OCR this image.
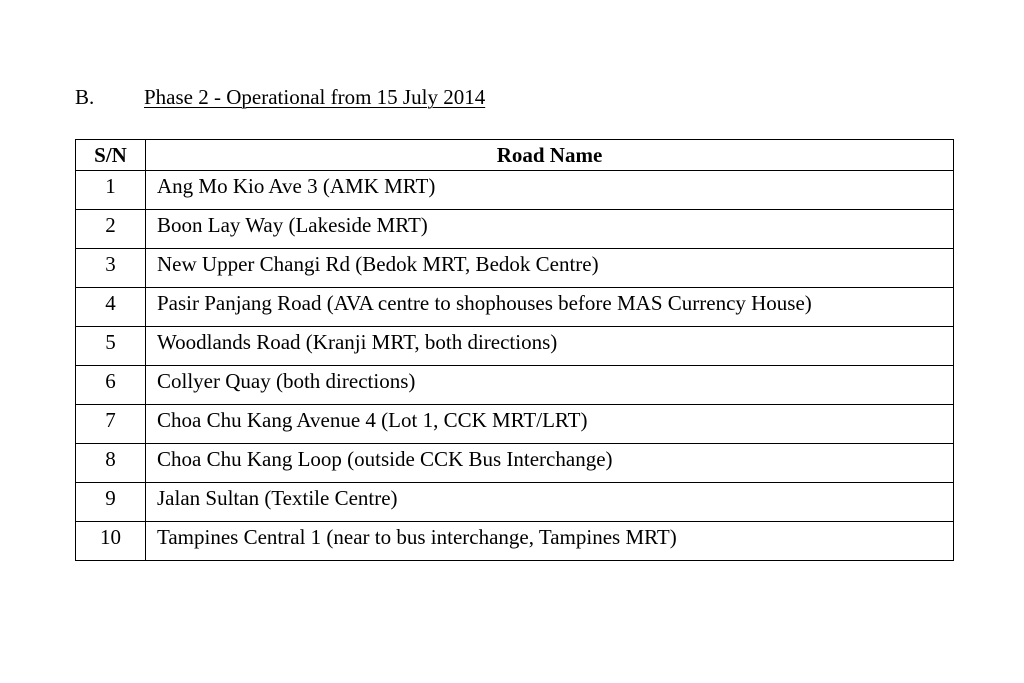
B. Phase 2 - Operational from 15 July 2014
S/N	Road Name
1	Ang Mo Kio Ave 3 (AMK MRT)
2	Boon Lay Way (Lakeside MRT)
3	New Upper Changi Rd (Bedok MRT, Bedok Centre)
4	Pasir Panjang Road (AVA centre to shophouses before MAS Currency House)
5	Woodlands Road (Kranji MRT, both directions)
6	Collyer Quay (both directions)
7	Choa Chu Kang Avenue 4 (Lot 1, CCK MRT/LRT)
8	Choa Chu Kang Loop (outside CCK Bus Interchange)
9	Jalan Sultan (Textile Centre)
10	Tampines Central 1 (near to bus interchange, Tampines MRT)
